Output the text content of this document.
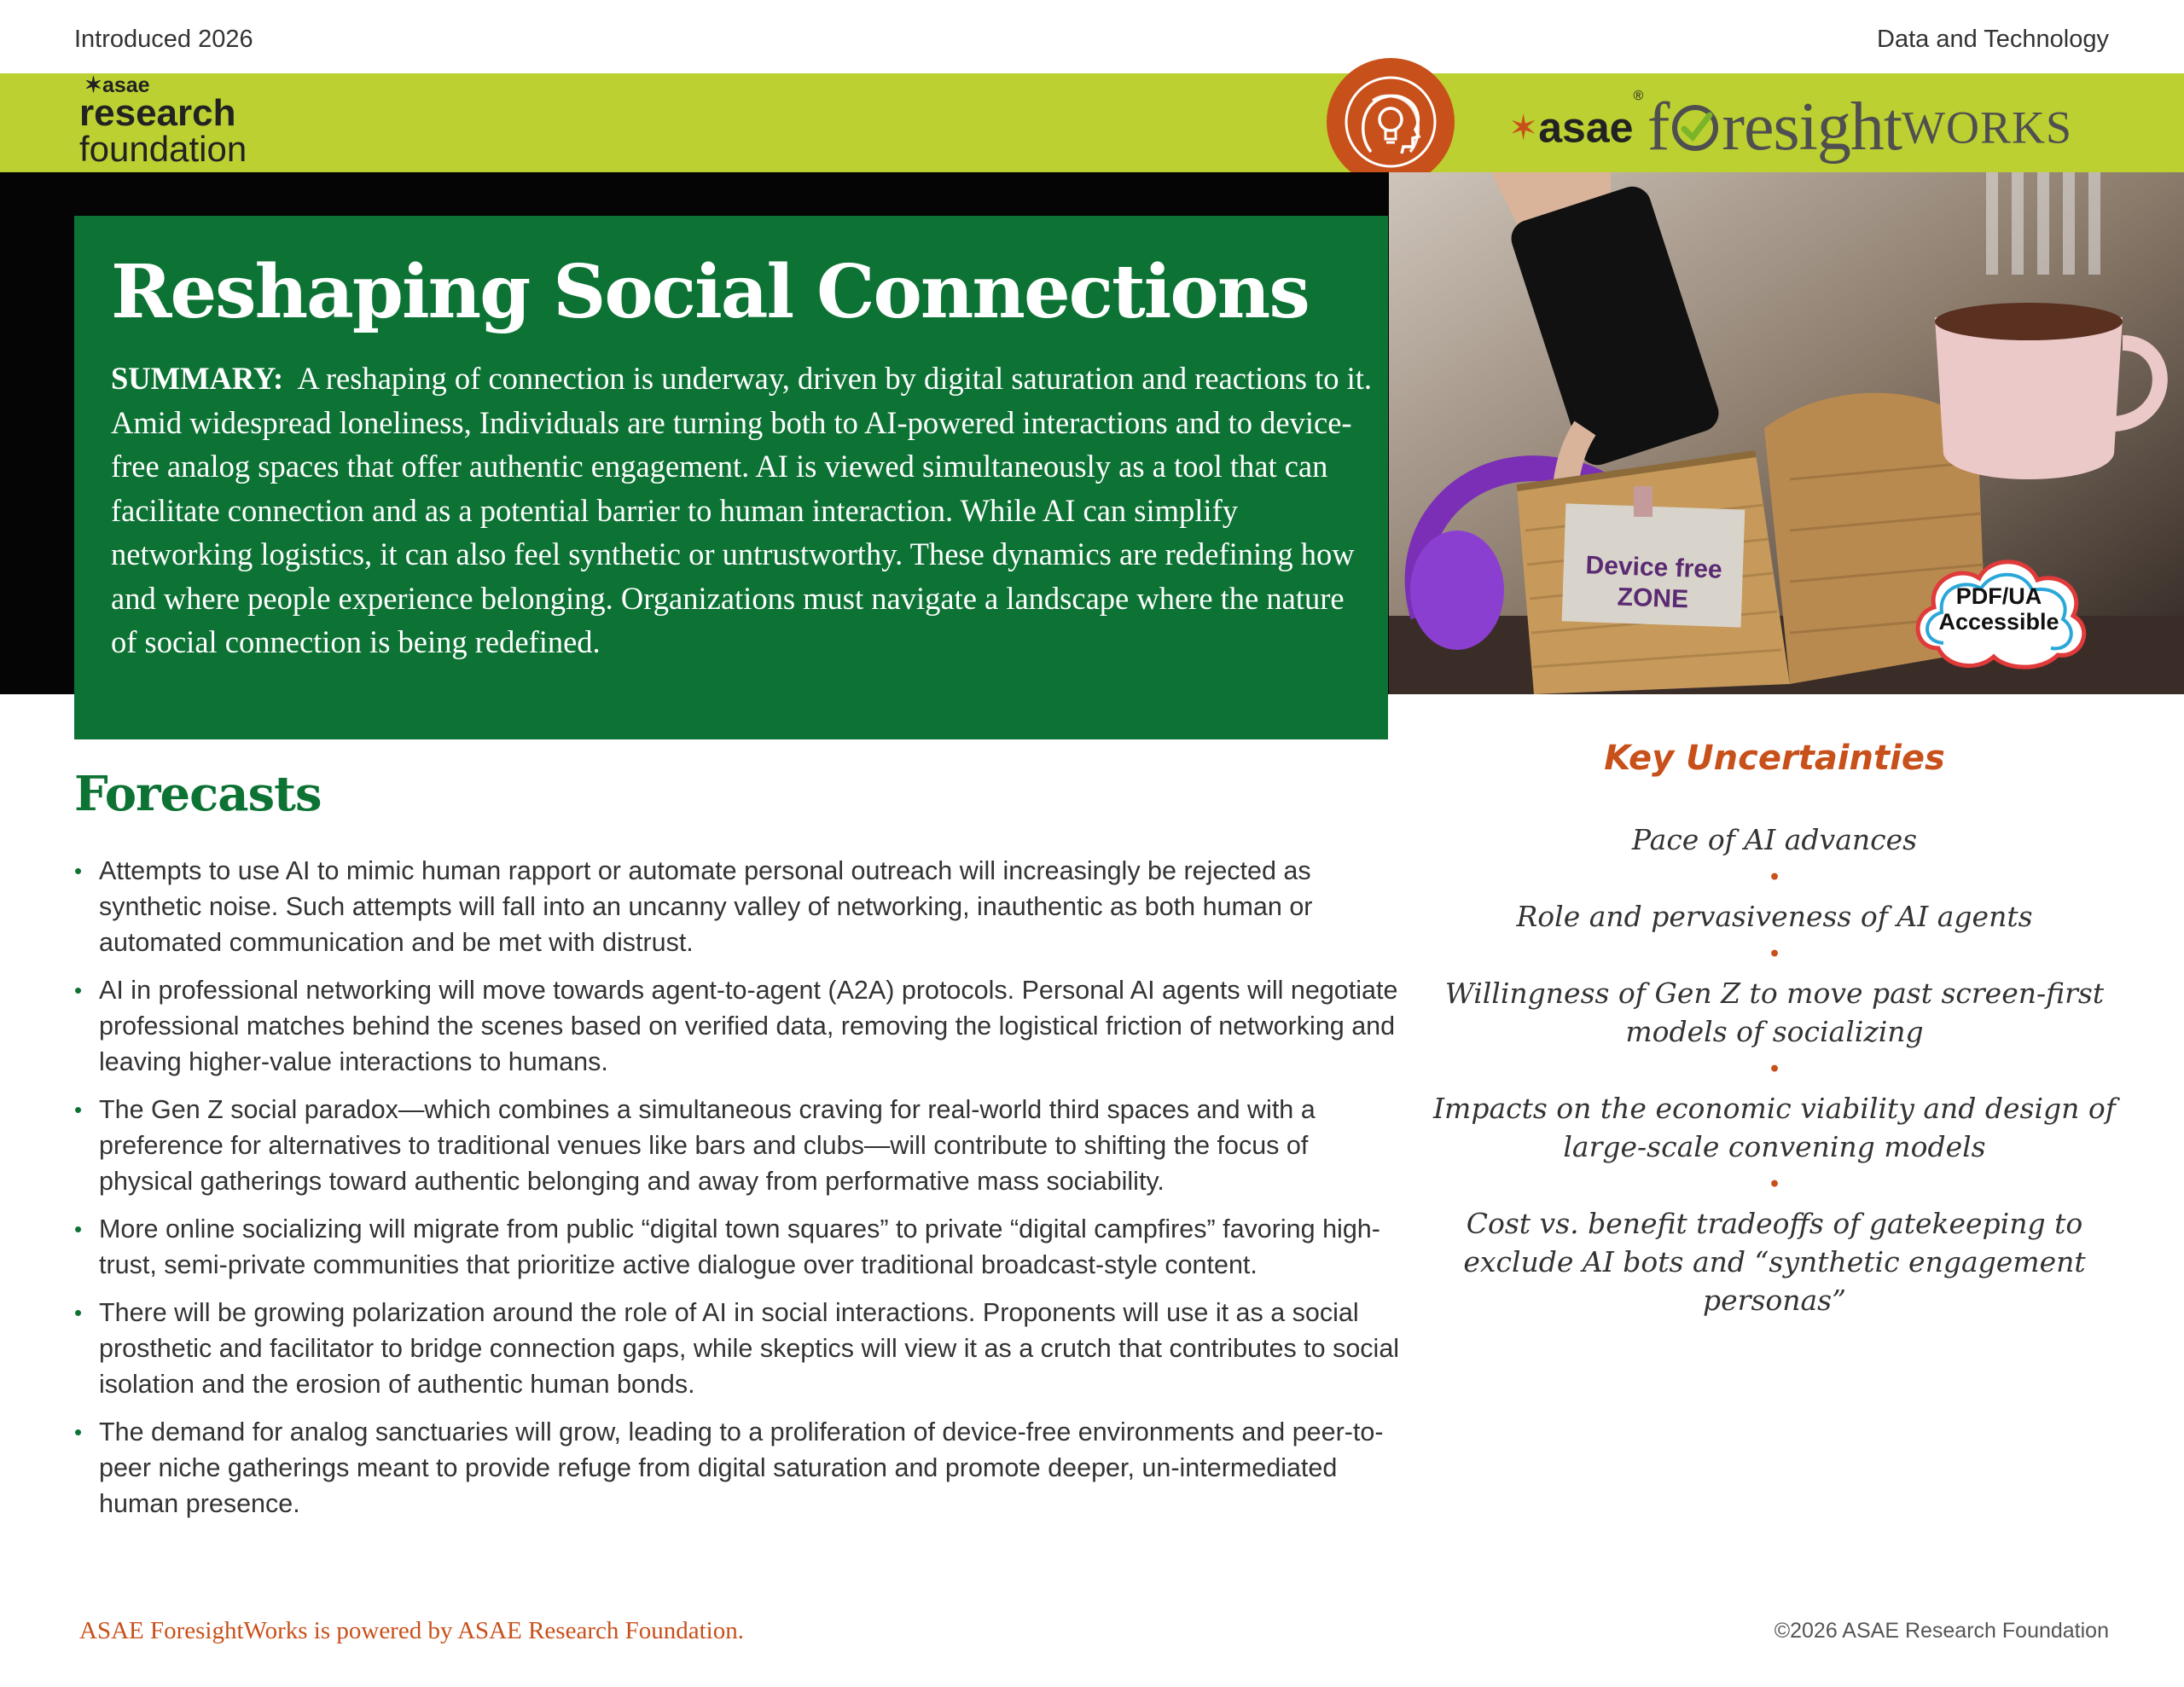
Introduced 2026	Data and Technology
✶asae
research
foundation
✶asae® f resightWORKS
Device free
ZONE	PDF/UA
Accessible
Reshaping Social Connections
SUMMARY: A reshaping of connection is underway, driven by digital saturation and reactions to it. Amid widespread loneliness, Individuals are turning both to AI-powered interactions and to device-free analog spaces that offer authentic engagement. AI is viewed simultaneously as a tool that can facilitate connection and as a potential barrier to human interaction. While AI can simplify networking logistics, it can also feel synthetic or untrustworthy. These dynamics are redefining how and where people experience belonging. Organizations must navigate a landscape where the nature of social connection is being redefined.
Forecasts
• Attempts to use AI to mimic human rapport or automate personal outreach will increasingly be rejected as synthetic noise. Such attempts will fall into an uncanny valley of networking, inauthentic as both human or automated communication and be met with distrust.
• AI in professional networking will move towards agent-to-agent (A2A) protocols. Personal AI agents will negotiate professional matches behind the scenes based on verified data, removing the logistical friction of networking and leaving higher-value interactions to humans.
• The Gen Z social paradox—which combines a simultaneous craving for real-world third spaces and with a preference for alternatives to traditional venues like bars and clubs—will contribute to shifting the focus of physical gatherings toward authentic belonging and away from performative mass sociability.
• More online socializing will migrate from public “digital town squares” to private “digital campfires” favoring high-trust, semi-private communities that prioritize active dialogue over traditional broadcast-style content.
• There will be growing polarization around the role of AI in social interactions. Proponents will use it as a social prosthetic and facilitator to bridge connection gaps, while skeptics will view it as a crutch that contributes to social isolation and the erosion of authentic human bonds.
• The demand for analog sanctuaries will grow, leading to a proliferation of device-free environments and peer-to-peer niche gatherings meant to provide refuge from digital saturation and promote deeper, un-intermediated human presence.
Key Uncertainties
Pace of AI advances
•
Role and pervasiveness of AI agents
•
Willingness of Gen Z to move past screen-first models of socializing
•
Impacts on the economic viability and design of large-scale convening models
•
Cost vs. benefit tradeoffs of gatekeeping to exclude AI bots and “synthetic engagement personas”
ASAE ForesightWorks is powered by ASAE Research Foundation.	©2026 ASAE Research Foundation
